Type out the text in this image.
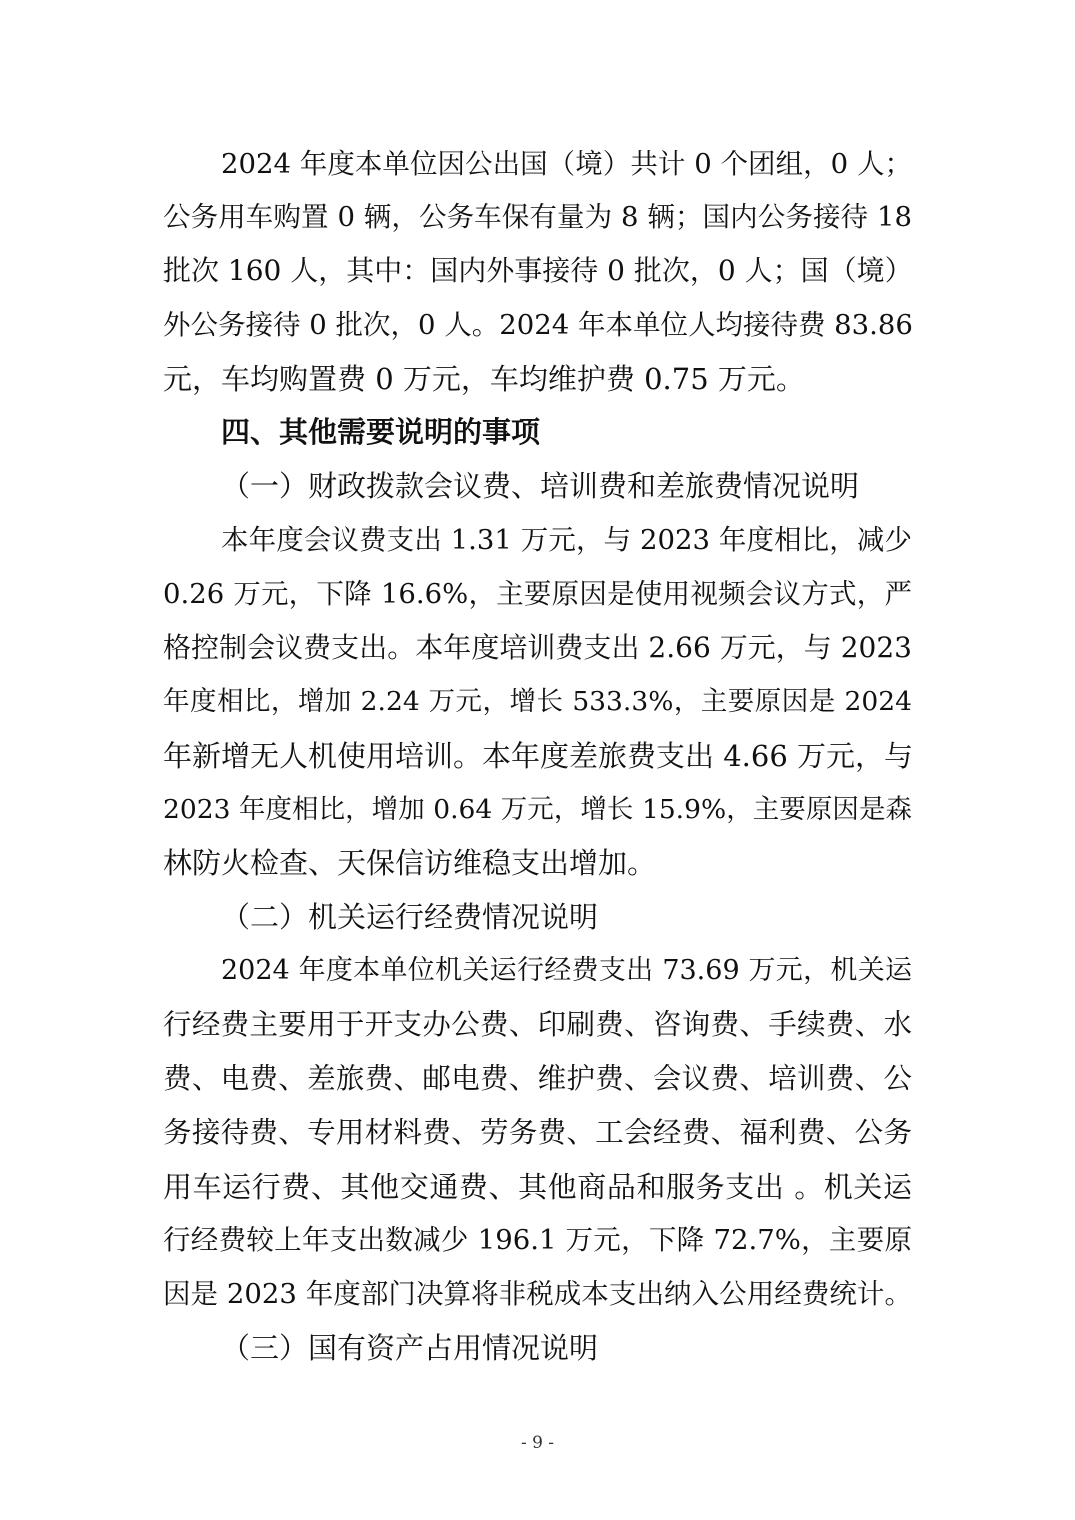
2024 年度本单位因公出国（境）共计 0 个团组，0 人；
公务用车购置 0 辆，公务车保有量为 8 辆；国内公务接待 18
批次 160 人，其中：国内外事接待 0 批次，0 人；国（境）
外公务接待 0 批次，0 人。2024 年本单位人均接待费 83.86
元，车均购置费 0 万元，车均维护费 0.75 万元。
四、其他需要说明的事项
（一）财政拨款会议费、培训费和差旅费情况说明
本年度会议费支出 1.31 万元，与 2023 年度相比，减少
0.26 万元，下降 16.6%，主要原因是使用视频会议方式，严
格控制会议费支出。本年度培训费支出 2.66 万元，与 2023
年度相比，增加 2.24 万元，增长 533.3%，主要原因是 2024
年新增无人机使用培训。本年度差旅费支出 4.66 万元，与
2023 年度相比，增加 0.64 万元，增长 15.9%，主要原因是森
林防火检查、天保信访维稳支出增加。
（二）机关运行经费情况说明
2024 年度本单位机关运行经费支出 73.69 万元，机关运
行经费主要用于开支办公费、印刷费、咨询费、手续费、水
费、电费、差旅费、邮电费、维护费、会议费、培训费、公
务接待费、专用材料费、劳务费、工会经费、福利费、公务
用车运行费、其他交通费、其他商品和服务支出 。机关运
行经费较上年支出数减少 196.1 万元，下降 72.7%，主要原
因是 2023 年度部门决算将非税成本支出纳入公用经费统计。
（三）国有资产占用情况说明
- 9 -
